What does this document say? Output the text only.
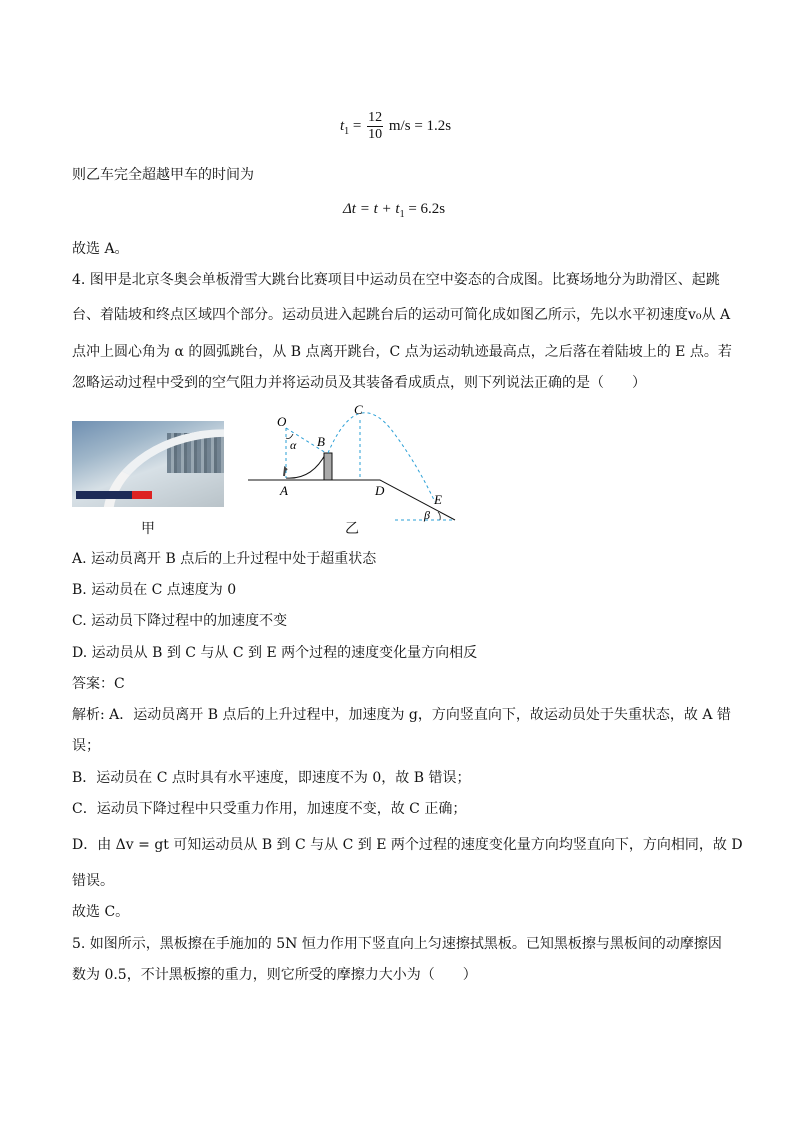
$t_1 = \frac{12}{10} m/s = 1.2s$
则乙车完全超越甲车的时间为
$\Delta t = t + t_1 = 6.2s$
故选 A。
4. 图甲是北京冬奥会单板滑雪大跳台比赛项目中运动员在空中姿态的合成图。比赛场地分为助滑区、起跳
台、着陆坡和终点区域四个部分。运动员进入起跳台后的运动可简化成如图乙所示，先以水平初速度v₀从 A
点冲上圆心角为 α 的圆弧跳台，从 B 点离开跳台，C 点为运动轨迹最高点，之后落在着陆坡上的 E 点。若
忽略运动过程中受到的空气阻力并将运动员及其装备看成质点，则下列说法正确的是（　　）
甲
O
α B
C
A	D
E
β
乙
A. 运动员离开 B 点后的上升过程中处于超重状态
B. 运动员在 C 点速度为 0
C. 运动员下降过程中的加速度不变
D. 运动员从 B 到 C 与从 C 到 E 两个过程的速度变化量方向相反
答案：C
解析: A．运动员离开 B 点后的上升过程中，加速度为 g，方向竖直向下，故运动员处于失重状态，故 A 错
误；
B．运动员在 C 点时具有水平速度，即速度不为 0，故 B 错误；
C．运动员下降过程中只受重力作用，加速度不变，故 C 正确；
D．由 Δv = gt 可知运动员从 B 到 C 与从 C 到 E 两个过程的速度变化量方向均竖直向下，方向相同，故 D
错误。
故选 C。
5. 如图所示，黑板擦在手施加的 5N 恒力作用下竖直向上匀速擦拭黑板。已知黑板擦与黑板间的动摩擦因
数为 0.5，不计黑板擦的重力，则它所受的摩擦力大小为（　　）
